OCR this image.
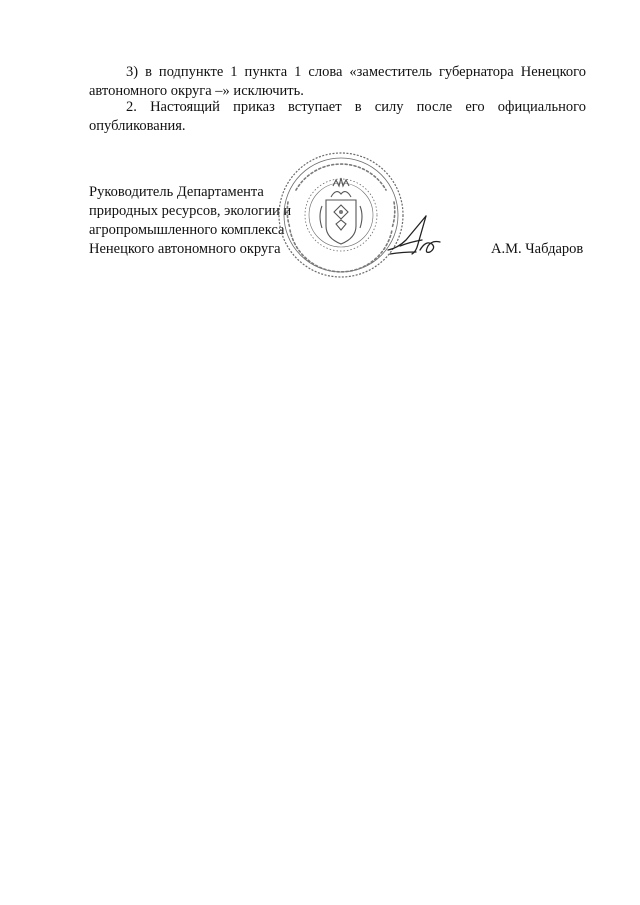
3) в подпункте 1 пункта 1 слова «заместитель губернатора Ненецкого автономного округа –» исключить.

2. Настоящий приказ вступает в силу после его официального опубликования.

Руководитель Департамента
природных ресурсов, экологии и
агропромышленного комплекса
Ненецкого автономного округа	А.М. Чабдаров
